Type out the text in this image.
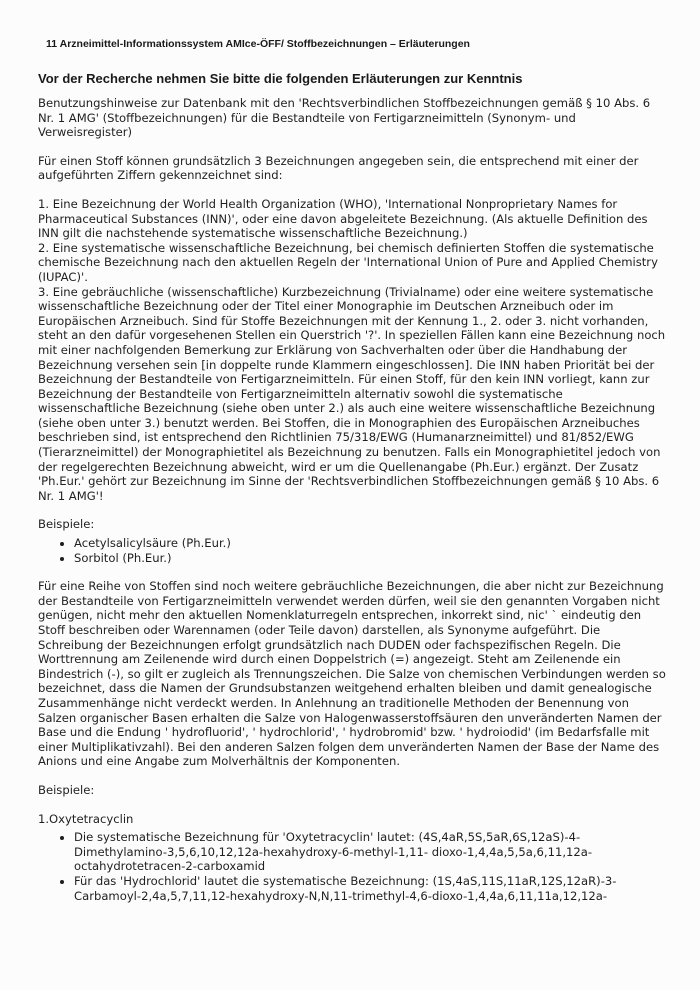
11 Arzneimittel-Informationssystem AMIce-ÖFF/ Stoffbezeichnungen – Erläuterungen
Vor der Recherche nehmen Sie bitte die folgenden Erläuterungen zur Kenntnis

Benutzungshinweise zur Datenbank mit den 'Rechtsverbindlichen Stoffbezeichnungen gemäß § 10 Abs. 6 Nr. 1 AMG' (Stoffbezeichnungen) für die Bestandteile von Fertigarzneimitteln (Synonym- und Verweisregister)

Für einen Stoff können grundsätzlich 3 Bezeichnungen angegeben sein, die entsprechend mit einer der aufgeführten Ziffern gekennzeichnet sind:

1. Eine Bezeichnung der World Health Organization (WHO), 'International Nonproprietary Names for Pharmaceutical Substances (INN)', oder eine davon abgeleitete Bezeichnung. (Als aktuelle Definition des INN gilt die nachstehende systematische wissenschaftliche Bezeichnung.)

2. Eine systematische wissenschaftliche Bezeichnung, bei chemisch definierten Stoffen die systematische chemische Bezeichnung nach den aktuellen Regeln der 'International Union of Pure and Applied Chemistry (IUPAC)'.

3. Eine gebräuchliche (wissenschaftliche) Kurzbezeichnung (Trivialname) oder eine weitere systematische wissenschaftliche Bezeichnung oder der Titel einer Monographie im Deutschen Arzneibuch oder im Europäischen Arzneibuch. Sind für Stoffe Bezeichnungen mit der Kennung 1., 2. oder 3. nicht vorhanden, steht an den dafür vorgesehenen Stellen ein Querstrich '?'. In speziellen Fällen kann eine Bezeichnung noch mit einer nachfolgenden Bemerkung zur Erklärung von Sachverhalten oder über die Handhabung der Bezeichnung versehen sein [in doppelte runde Klammern eingeschlossen]. Die INN haben Priorität bei der Bezeichnung der Bestandteile von Fertigarzneimitteln. Für einen Stoff, für den kein INN vorliegt, kann zur Bezeichnung der Bestandteile von Fertigarzneimitteln alternativ sowohl die systematische wissenschaftliche Bezeichnung (siehe oben unter 2.) als auch eine weitere wissenschaftliche Bezeichnung (siehe oben unter 3.) benutzt werden. Bei Stoffen, die in Monographien des Europäischen Arzneibuches beschrieben sind, ist entsprechend den Richtlinien 75/318/EWG (Humanarzneimittel) und 81/852/EWG (Tierarzneimittel) der Monographietitel als Bezeichnung zu benutzen. Falls ein Monographietitel jedoch von der regelgerechten Bezeichnung abweicht, wird er um die Quellenangabe (Ph.Eur.) ergänzt. Der Zusatz 'Ph.Eur.' gehört zur Bezeichnung im Sinne der 'Rechtsverbindlichen Stoffbezeichnungen gemäß § 10 Abs. 6 Nr. 1 AMG'!

Beispiele:

• Acetylsalicylsäure (Ph.Eur.)
• Sorbitol (Ph.Eur.)

Für eine Reihe von Stoffen sind noch weitere gebräuchliche Bezeichnungen, die aber nicht zur Bezeichnung der Bestandteile von Fertigarzneimitteln verwendet werden dürfen, weil sie den genannten Vorgaben nicht genügen, nicht mehr den aktuellen Nomenklaturregeln entsprechen, inkorrekt sind, nic' ` eindeutig den Stoff beschreiben oder Warennamen (oder Teile davon) darstellen, als Synonyme aufgeführt. Die Schreibung der Bezeichnungen erfolgt grundsätzlich nach DUDEN oder fachspezifischen Regeln. Die Worttrennung am Zeilenende wird durch einen Doppelstrich (=) angezeigt. Steht am Zeilenende ein Bindestrich (-), so gilt er zugleich als Trennungszeichen. Die Salze von chemischen Verbindungen werden so bezeichnet, dass die Namen der Grundsubstanzen weitgehend erhalten bleiben und damit genealogische Zusammenhänge nicht verdeckt werden. In Anlehnung an traditionelle Methoden der Benennung von Salzen organischer Basen erhalten die Salze von Halogenwasserstoffsäuren den unveränderten Namen der Base und die Endung ' hydrofluorid', ' hydrochlorid', ' hydrobromid' bzw. ' hydroiodid' (im Bedarfsfalle mit einer Multiplikativzahl). Bei den anderen Salzen folgen dem unveränderten Namen der Base der Name des Anions und eine Angabe zum Molverhältnis der Komponenten.

Beispiele:

1.Oxytetracyclin

• Die systematische Bezeichnung für 'Oxytetracyclin' lautet: (4S,4aR,5S,5aR,6S,12aS)-4-Dimethylamino-3,5,6,10,12,12a-hexahydroxy-6-methyl-1,11- dioxo-1,4,4a,5,5a,6,11,12a-octahydrotetracen-2-carboxamid
• Für das 'Hydrochlorid' lautet die systematische Bezeichnung: (1S,4aS,11S,11aR,12S,12aR)-3-Carbamoyl-2,4a,5,7,11,12-hexahydroxy-N,N,11-trimethyl-4,6-dioxo-1,4,4a,6,11,11a,12,12a-
